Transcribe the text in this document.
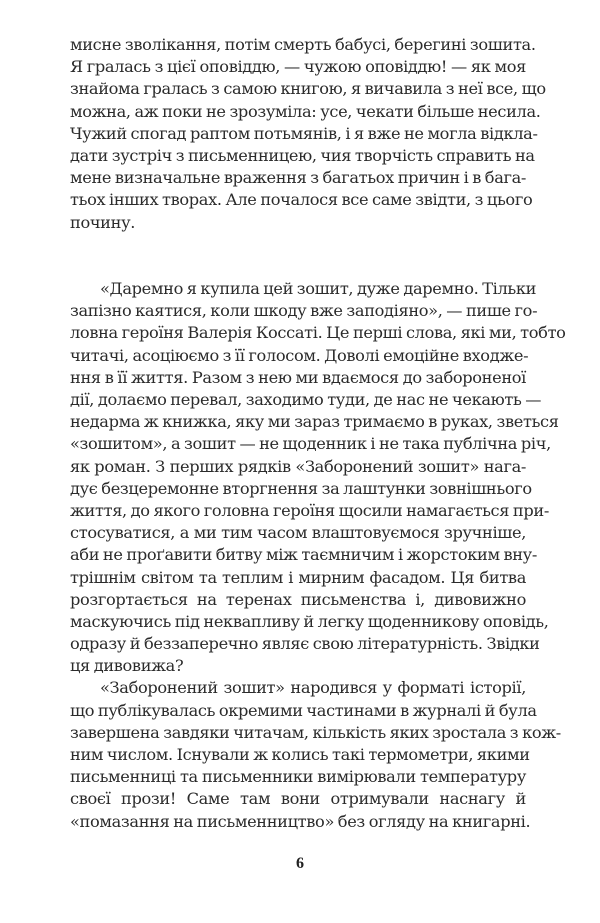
мисне зволікання, потім смерть бабусі, берегині зошита.
Я гралась з цієї оповіддю, — чужою оповіддю! — як моя
знайома гралась з самою книгою, я вичавила з неї все, що
можна, аж поки не зрозуміла: усе, чекати більше несила.
Чужий спогад раптом потьмянів, і я вже не могла відкла-
дати зустріч з письменницею, чия творчість справить на
мене визначальне враження з багатьох причин і в бага-
тьох інших творах. Але почалося все саме звідти, з цього
почину.
«Даремно я купила цей зошит, дуже даремно. Тільки
запізно каятися, коли шкоду вже заподіяно», — пише го-
ловна героїня Валерія Коссаті. Це перші слова, які ми, тобто
читачі, асоціюємо з її голосом. Доволі емоційне входже-
ння в її життя. Разом з нею ми вдаємося до забороненої
дії, долаємо перевал, заходимо туди, де нас не чекають —
недарма ж книжка, яку ми зараз тримаємо в руках, зветься
«зошитом», а зошит — не щоденник і не така публічна річ,
як роман. З перших рядків «Заборонений зошит» нага-
дує безцеремонне вторгнення за лаштунки зовнішнього
життя, до якого головна героїня щосили намагається при-
стосуватися, а ми тим часом влаштовуємося зручніше,
аби не проґавити битву між таємничим і жорстоким вну-
трішнім світом та теплим і мирним фасадом. Ця битва
розгортається на теренах письменства і, дивовижно
маскуючись під неквапливу й легку щоденникову оповідь,
одразу й беззаперечно являє свою літературність. Звідки
ця дивовижа?
«Заборонений зошит» народився у форматі історії,
що публікувалась окремими частинами в журналі й була
завершена завдяки читачам, кількість яких зростала з кож-
ним числом. Існували ж колись такі термометри, якими
письменниці та письменники вимірювали температуру
своєї прози! Саме там вони отримували наснагу й
«помазання на письменництво» без огляду на книгарні.
6
